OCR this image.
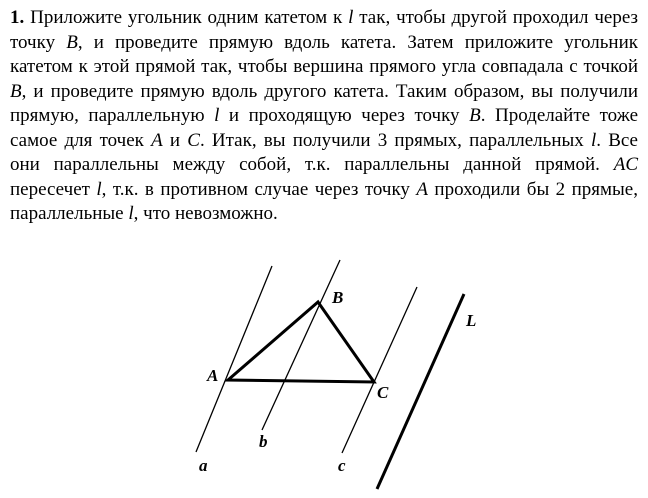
1. Приложите угольник одним катетом к l так, чтобы другой проходил через точку B, и проведите прямую вдоль катета. Затем приложите угольник катетом к этой прямой так, чтобы вершина прямого угла совпадала с точкой B, и проведите прямую вдоль другого катета. Таким образом, вы получили прямую, параллельную l и проходящую через точку B. Проделайте тоже самое для точек A и C. Итак, вы получили 3 прямых, параллельных l. Все они параллельны между собой, т.к. параллельны данной прямой. AC пересечет l, т.к. в противном случае через точку A проходили бы 2 прямые, параллельные l, что невозможно.

A
B
C
L
a
b
c
